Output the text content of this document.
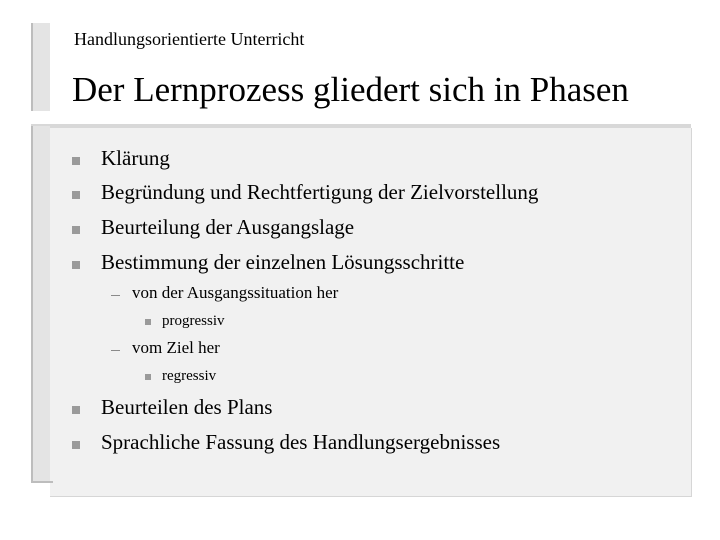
Handlungsorientierte Unterricht
Der Lernprozess gliedert sich in Phasen
Klärung
Begründung und Rechtfertigung der Zielvorstellung
Beurteilung der Ausgangslage
Bestimmung der einzelnen Lösungsschritte
von der Ausgangssituation her
progressiv
vom Ziel her
regressiv
Beurteilen des Plans
Sprachliche Fassung des Handlungsergebnisses
